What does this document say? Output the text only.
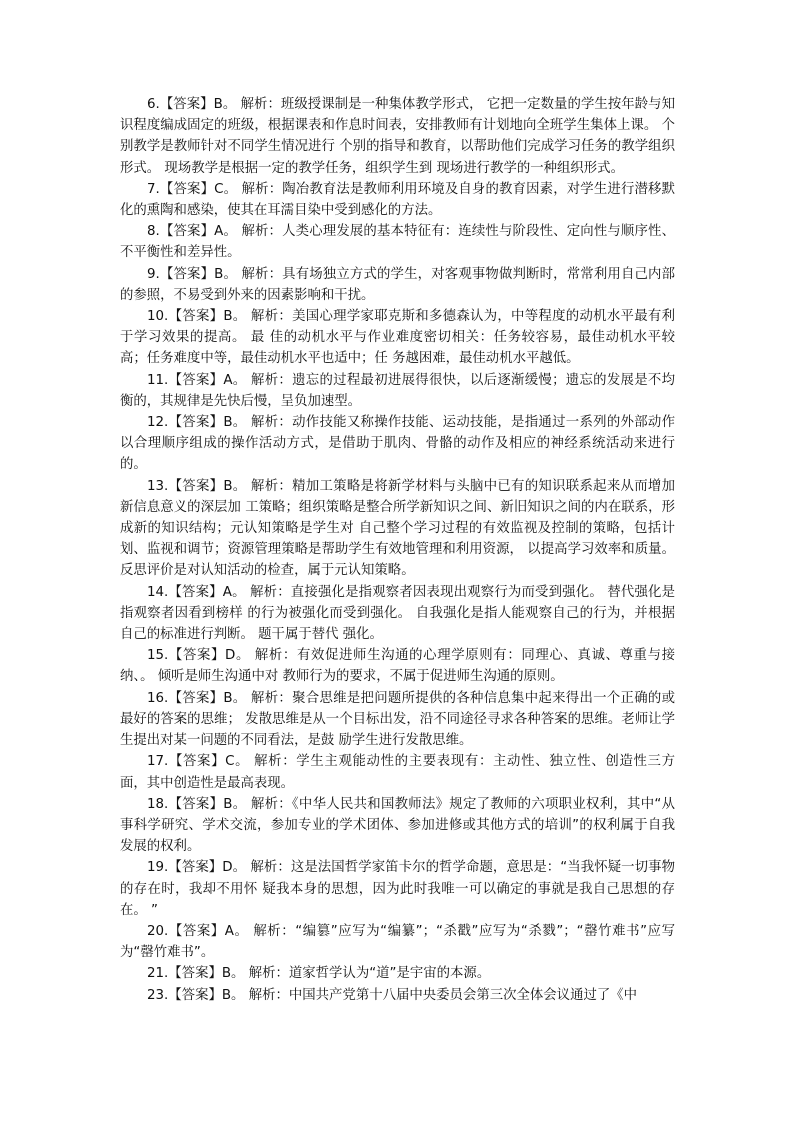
6.【答案】B。 解析：班级授课制是一种集体教学形式， 它把一定数量的学生按年龄与知识程度编成固定的班级，根据课表和作息时间表，安排教师有计划地向全班学生集体上课。 个别教学是教师针对不同学生情况进行 个别的指导和教育，以帮助他们完成学习任务的教学组织形式。 现场教学是根据一定的教学任务，组织学生到 现场进行教学的一种组织形式。

7.【答案】C。 解析：陶冶教育法是教师利用环境及自身的教育因素，对学生进行潜移默化的熏陶和感染，使其在耳濡目染中受到感化的方法。

8.【答案】A。 解析：人类心理发展的基本特征有：连续性与阶段性、定向性与顺序性、不平衡性和差异性。

9.【答案】B。 解析：具有场独立方式的学生，对客观事物做判断时，常常利用自己内部的参照，不易受到外来的因素影响和干扰。

10.【答案】B。 解析：美国心理学家耶克斯和多德森认为，中等程度的动机水平最有利于学习效果的提高。 最 佳的动机水平与作业难度密切相关：任务较容易，最佳动机水平较高；任务难度中等，最佳动机水平也适中；任 务越困难，最佳动机水平越低。

11.【答案】A。 解析：遗忘的过程最初进展得很快，以后逐渐缓慢；遗忘的发展是不均衡的，其规律是先快后慢，呈负加速型。

12.【答案】B。 解析：动作技能又称操作技能、运动技能，是指通过一系列的外部动作以合理顺序组成的操作活动方式，是借助于肌肉、骨骼的动作及相应的神经系统活动来进行的。

13.【答案】B。 解析：精加工策略是将新学材料与头脑中已有的知识联系起来从而增加新信息意义的深层加 工策略；组织策略是整合所学新知识之间、新旧知识之间的内在联系，形成新的知识结构；元认知策略是学生对 自己整个学习过程的有效监视及控制的策略，包括计划、监视和调节；资源管理策略是帮助学生有效地管理和利用资源， 以提高学习效率和质量。 反思评价是对认知活动的检查，属于元认知策略。

14.【答案】A。 解析：直接强化是指观察者因表现出观察行为而受到强化。 替代强化是指观察者因看到榜样 的行为被强化而受到强化。 自我强化是指人能观察自己的行为，并根据自己的标准进行判断。 题干属于替代 强化。

15.【答案】D。 解析：有效促进师生沟通的心理学原则有：同理心、真诚、尊重与接纳、。 倾听是师生沟通中对 教师行为的要求，不属于促进师生沟通的原则。

16.【答案】B。 解析：聚合思维是把问题所提供的各种信息集中起来得出一个正确的或最好的答案的思维； 发散思维是从一个目标出发，沿不同途径寻求各种答案的思维。老师让学生提出对某一问题的不同看法，是鼓 励学生进行发散思维。

17.【答案】C。 解析：学生主观能动性的主要表现有：主动性、独立性、创造性三方面，其中创造性是最高表现。

18.【答案】B。 解析：《中华人民共和国教师法》规定了教师的六项职业权利，其中“从事科学研究、学术交流，参加专业的学术团体、参加进修或其他方式的培训”的权利属于自我发展的权利。

19.【答案】D。 解析：这是法国哲学家笛卡尔的哲学命题，意思是：“当我怀疑一切事物的存在时，我却不用怀 疑我本身的思想，因为此时我唯一可以确定的事就是我自己思想的存在。 ”

20.【答案】A。 解析：“编篡”应写为“编纂”；“杀戳”应写为“杀戮”；“罄竹难书”应写为“罄竹难书”。

21.【答案】B。 解析：道家哲学认为“道”是宇宙的本源。

23.【答案】B。 解析：中国共产党第十八届中央委员会第三次全体会议通过了《中
